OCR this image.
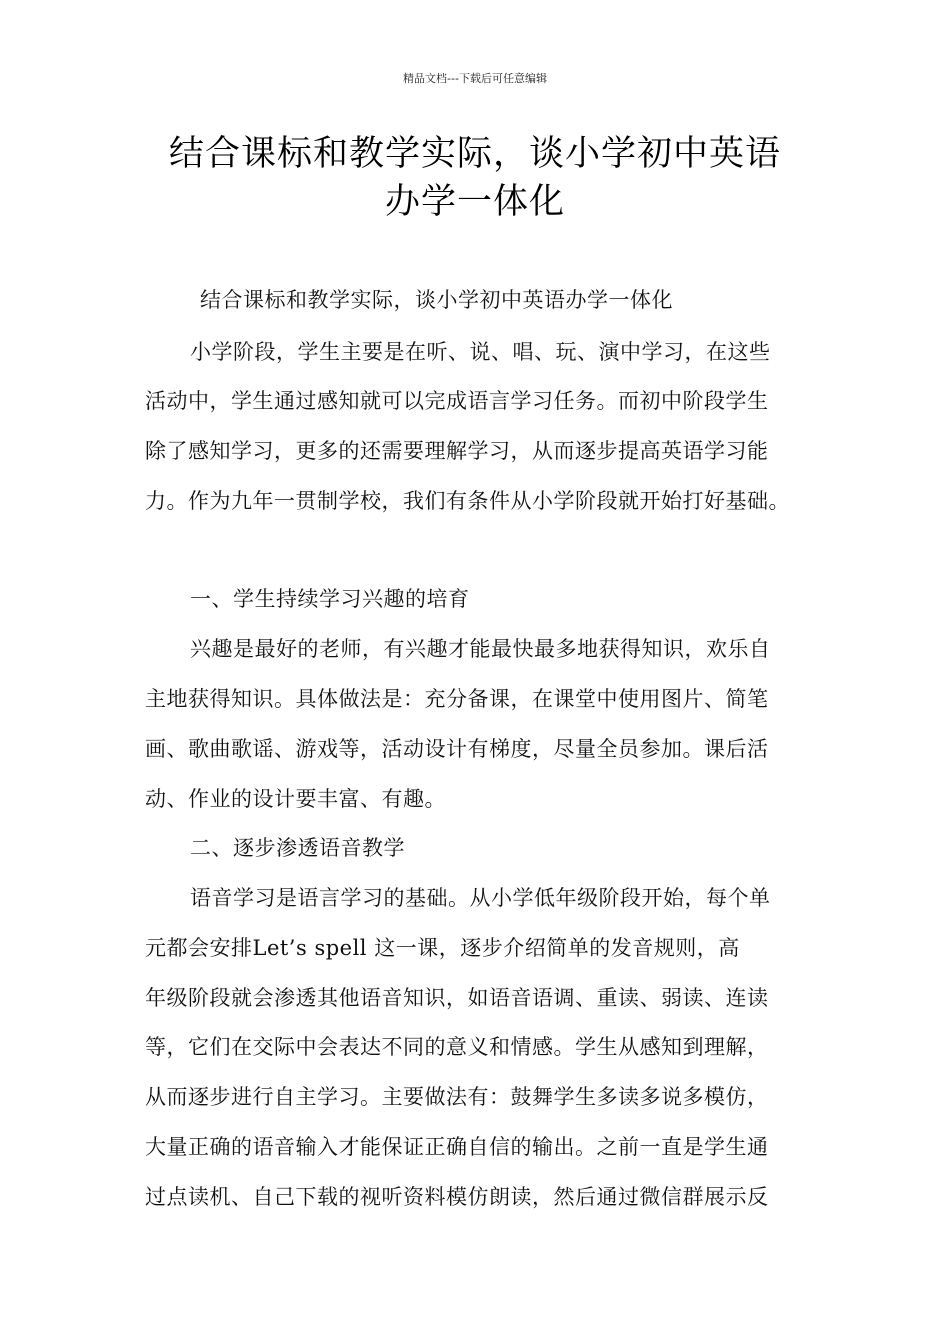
精品文档---下载后可任意编辑
结合课标和教学实际，谈小学初中英语
办学一体化
结合课标和教学实际，谈小学初中英语办学一体化
小学阶段，学生主要是在听、说、唱、玩、演中学习，在这些
活动中，学生通过感知就可以完成语言学习任务。而初中阶段学生
除了感知学习，更多的还需要理解学习，从而逐步提高英语学习能
力。作为九年一贯制学校，我们有条件从小学阶段就开始打好基础。
一、学生持续学习兴趣的培育
兴趣是最好的老师，有兴趣才能最快最多地获得知识，欢乐自
主地获得知识。具体做法是：充分备课，在课堂中使用图片、简笔
画、歌曲歌谣、游戏等，活动设计有梯度，尽量全员参加。课后活
动、作业的设计要丰富、有趣。
二、逐步渗透语音教学
语音学习是语言学习的基础。从小学低年级阶段开始，每个单
元都会安排Let’s spell 这一课，逐步介绍简单的发音规则，高
年级阶段就会渗透其他语音知识，如语音语调、重读、弱读、连读
等，它们在交际中会表达不同的意义和情感。学生从感知到理解，
从而逐步进行自主学习。主要做法有：鼓舞学生多读多说多模仿，
大量正确的语音输入才能保证正确自信的输出。之前一直是学生通
过点读机、自己下载的视听资料模仿朗读，然后通过微信群展示反
